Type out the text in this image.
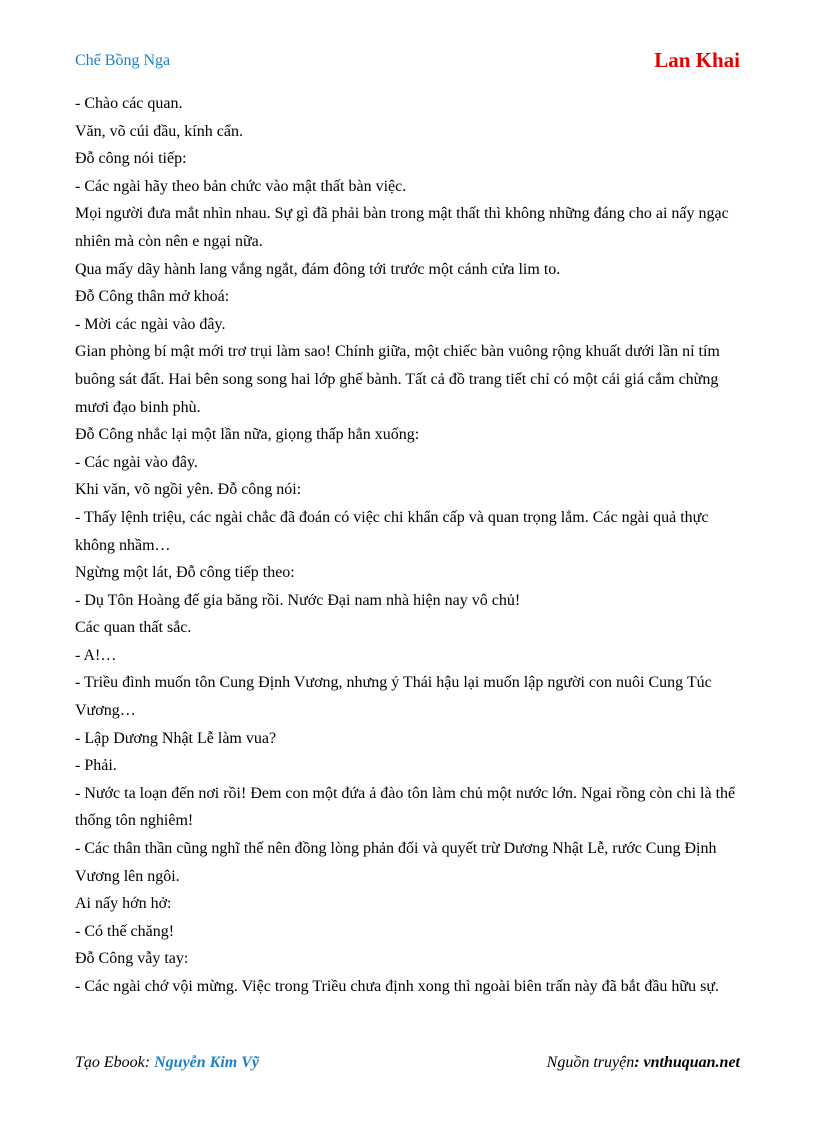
Chế Bồng Nga	Lan Khai

- Chào các quan.

Văn, võ cúi đầu, kính cẩn.

Đỗ công nói tiếp:

- Các ngài hãy theo bản chức vào mật thất bàn việc.

Mọi người đưa mắt nhìn nhau. Sự gì đã phải bàn trong mật thất thì không những đáng cho ai nấy ngạc nhiên mà còn nên e ngại nữa.

Qua mấy dãy hành lang vắng ngắt, đám đông tới trước một cánh cửa lim to.

Đỗ Công thân mở khoá:

- Mời các ngài vào đây.

Gian phòng bí mật mới trơ trụi làm sao! Chính giữa, một chiếc bàn vuông rộng khuất dưới lần nỉ tím buông sát đất. Hai bên song song hai lớp ghế bành. Tất cả đồ trang tiết chỉ có một cái giá cắm chừng mươi đạo binh phù.

Đỗ Công nhắc lại một lần nữa, giọng thấp hẳn xuống:

- Các ngài vào đây.

Khi văn, võ ngồi yên. Đỗ công nói:

- Thấy lệnh triệu, các ngài chắc đã đoán có việc chi khẩn cấp và quan trọng lắm. Các ngài quả thực không nhầm…

Ngừng một lát, Đỗ công tiếp theo:

- Dụ Tôn Hoàng đế gia băng rồi. Nước Đại nam nhà hiện nay vô chủ!

Các quan thất sắc.

- A!…

- Triều đình muốn tôn Cung Định Vương, nhưng ý Thái hậu lại muốn lập người con nuôi Cung Túc Vương…

- Lập Dương Nhật Lễ làm vua?

- Phải.

- Nước ta loạn đến nơi rồi! Đem con một đứa ả đào tôn làm chủ một nước lớn. Ngai rồng còn chi là thể thống tôn nghiêm!

- Các thân thần cũng nghĩ thế nên đồng lòng phản đối và quyết trừ Dương Nhật Lễ, rước Cung Định Vương lên ngôi.

Ai nấy hớn hở:

- Có thế chăng!

Đỗ Công vẫy tay:

- Các ngài chớ vội mừng. Việc trong Triều chưa định xong thì ngoài biên trấn này đã bắt đầu hữu sự.

Tạo Ebook: Nguyễn Kim Vỹ	Nguồn truyện: vnthuquan.net
